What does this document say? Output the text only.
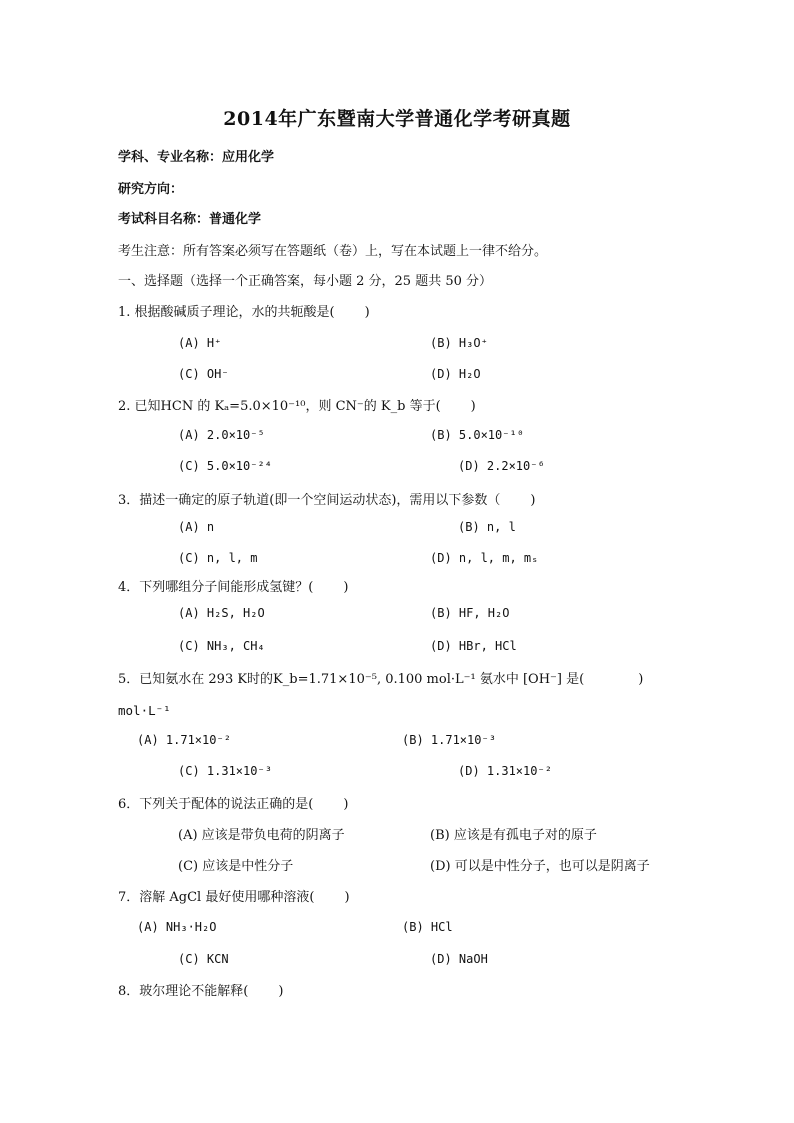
2014年广东暨南大学普通化学考研真题
学科、专业名称：应用化学
研究方向：
考试科目名称：普通化学
考生注意：所有答案必须写在答题纸（卷）上，写在本试题上一律不给分。
一、选择题（选择一个正确答案，每小题 2 分，25 题共 50 分）
1. 根据酸碱质子理论，水的共轭酸是( )
(A) H⁺	(B) H₃O⁺
(C) OH⁻	(D) H₂O
2. 已知HCN 的 Kₐ=5.0×10⁻¹⁰，则 CN⁻的 K_b 等于( )
(A) 2.0×10⁻⁵	(B) 5.0×10⁻¹⁰
(C) 5.0×10⁻²⁴	(D) 2.2×10⁻⁶
3．描述一确定的原子轨道(即一个空间运动状态)，需用以下参数（ )
(A) n	(B) n, l
(C) n, l, m	(D) n, l, m, mₛ
4．下列哪组分子间能形成氢键？( )
(A) H₂S, H₂O	(B) HF, H₂O
(C) NH₃, CH₄	(D) HBr, HCl
5．已知氨水在 293 K时的K_b=1.71×10⁻⁵, 0.100 mol·L⁻¹ 氨水中 [OH⁻] 是(	)
mol·L⁻¹
(A) 1.71×10⁻²	(B) 1.71×10⁻³
(C) 1.31×10⁻³	(D) 1.31×10⁻²
6．下列关于配体的说法正确的是( )
(A) 应该是带负电荷的阴离子	(B) 应该是有孤电子对的原子
(C) 应该是中性分子	(D) 可以是中性分子，也可以是阴离子
7．溶解 AgCl 最好使用哪种溶液( )
(A) NH₃·H₂O	(B) HCl
(C) KCN	(D) NaOH
8．玻尔理论不能解释( )
